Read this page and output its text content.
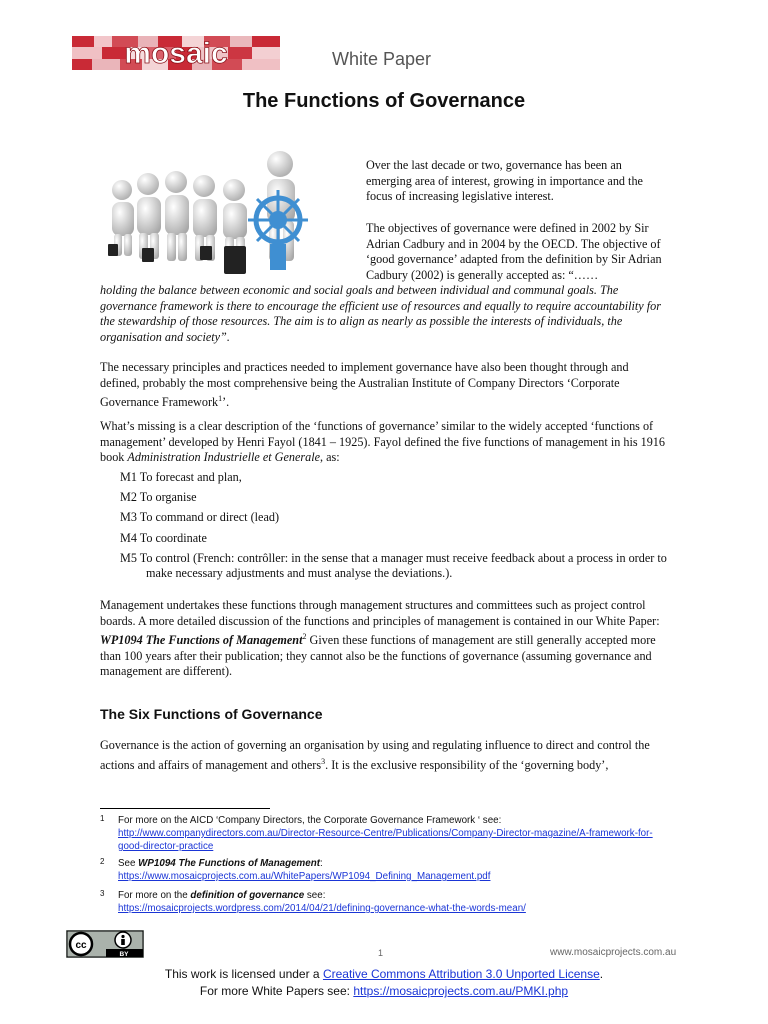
mosaic	White Paper
The Functions of Governance

Over the last decade or two, governance has been an emerging area of interest, growing in importance and the focus of increasing legislative interest.

The objectives of governance were defined in 2002 by Sir Adrian Cadbury and in 2004 by the OECD. The objective of ‘good governance’ adapted from the definition by Sir Adrian Cadbury (2002) is generally accepted as: “……

holding the balance between economic and social goals and between individual and communal goals. The governance framework is there to encourage the efficient use of resources and equally to require accountability for the stewardship of those resources. The aim is to align as nearly as possible the interests of individuals, the organisation and society”.

The necessary principles and practices needed to implement governance have also been thought through and defined, probably the most comprehensive being the Australian Institute of Company Directors ‘Corporate Governance Framework$^1$’.

What’s missing is a clear description of the ‘functions of governance’ similar to the widely accepted ‘functions of management’ developed by Henri Fayol (1841 – 1925). Fayol defined the five functions of management in his 1916 book Administration Industrielle et Generale, as:

M1 To forecast and plan,
M2 To organise
M3 To command or direct (lead)
M4 To coordinate
M5 To control (French: contrôller: in the sense that a manager must receive feedback about a process in order to make necessary adjustments and must analyse the deviations.).

Management undertakes these functions through management structures and committees such as project control boards. A more detailed discussion of the functions and principles of management is contained in our White Paper: WP1094 The Functions of Management$^2$ Given these functions of management are still generally accepted more than 100 years after their publication; they cannot also be the functions of governance (assuming governance and management are different).

The Six Functions of Governance

Governance is the action of governing an organisation by using and regulating influence to direct and control the actions and affairs of management and others$^3$. It is the exclusive responsibility of the ‘governing body’,

1 For more on the AICD ‘Company Directors, the Corporate Governance Framework ‘ see:
http://www.companydirectors.com.au/Director-Resource-Centre/Publications/Company-Director-magazine/A-framework-for-good-director-practice
2 See WP1094 The Functions of Management:
https://www.mosaicprojects.com.au/WhitePapers/WP1094_Defining_Management.pdf
3 For more on the definition of governance see:
https://mosaicprojects.wordpress.com/2014/04/21/defining-governance-what-the-words-mean/
cc
BY	1	www.mosaicprojects.com.au
This work is licensed under a Creative Commons Attribution 3.0 Unported License.
For more White Papers see: https://mosaicprojects.com.au/PMKI.php
